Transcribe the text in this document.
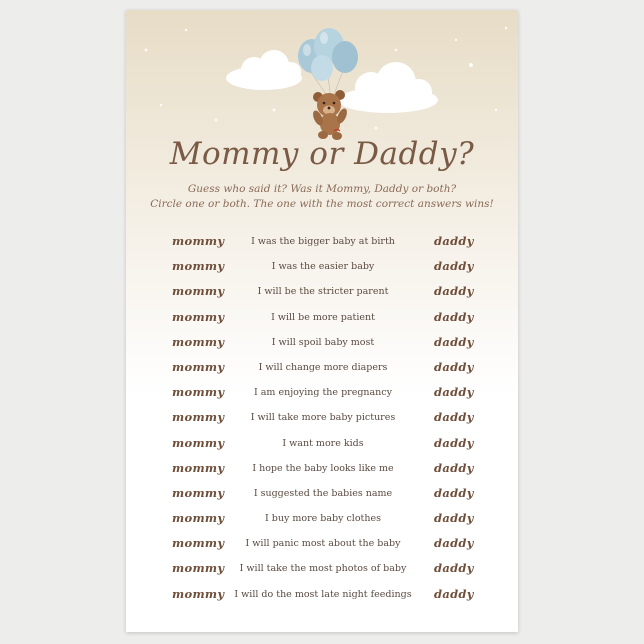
Mommy or Daddy?
Guess who said it? Was it Mommy, Daddy or both?
Circle one or both. The one with the most correct answers wins!
mommy	I was the bigger baby at birth	daddy
mommy	I was the easier baby	daddy
mommy	I will be the stricter parent	daddy
mommy	I will be more patient	daddy
mommy	I will spoil baby most	daddy
mommy	I will change more diapers	daddy
mommy	I am enjoying the pregnancy	daddy
mommy	I will take more baby pictures	daddy
mommy	I want more kids	daddy
mommy	I hope the baby looks like me	daddy
mommy	I suggested the babies name	daddy
mommy	I buy more baby clothes	daddy
mommy	I will panic most about the baby	daddy
mommy	I will take the most photos of baby	daddy
mommy	I will do the most late night feedings	daddy
